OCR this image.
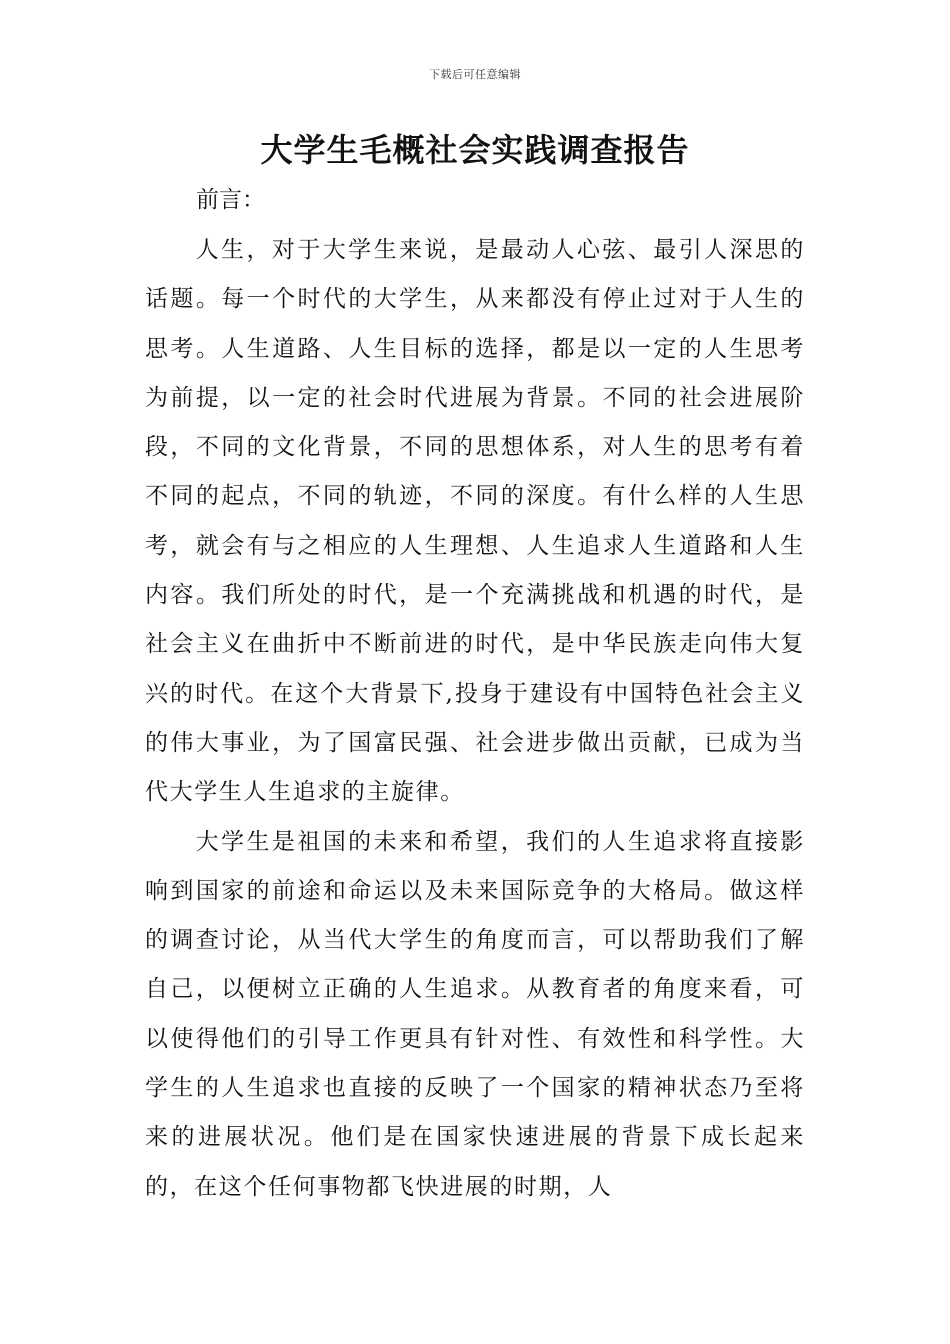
下载后可任意编辑
大学生毛概社会实践调查报告

前言：

人生，对于大学生来说，是最动人心弦、最引人深思的话题。每一个时代的大学生，从来都没有停止过对于人生的思考。人生道路、人生目标的选择，都是以一定的人生思考为前提，以一定的社会时代进展为背景。不同的社会进展阶段，不同的文化背景，不同的思想体系，对人生的思考有着不同的起点，不同的轨迹，不同的深度。有什么样的人生思考，就会有与之相应的人生理想、人生追求人生道路和人生内容。我们所处的时代，是一个充满挑战和机遇的时代，是社会主义在曲折中不断前进的时代，是中华民族走向伟大复兴的时代。在这个大背景下,投身于建设有中国特色社会主义的伟大事业，为了国富民强、社会进步做出贡献，已成为当代大学生人生追求的主旋律。

大学生是祖国的未来和希望，我们的人生追求将直接影响到国家的前途和命运以及未来国际竞争的大格局。做这样的调查讨论，从当代大学生的角度而言，可以帮助我们了解自己，以便树立正确的人生追求。从教育者的角度来看，可以使得他们的引导工作更具有针对性、有效性和科学性。大学生的人生追求也直接的反映了一个国家的精神状态乃至将来的进展状况。他们是在国家快速进展的背景下成长起来的，在这个任何事物都飞快进展的时期，人
